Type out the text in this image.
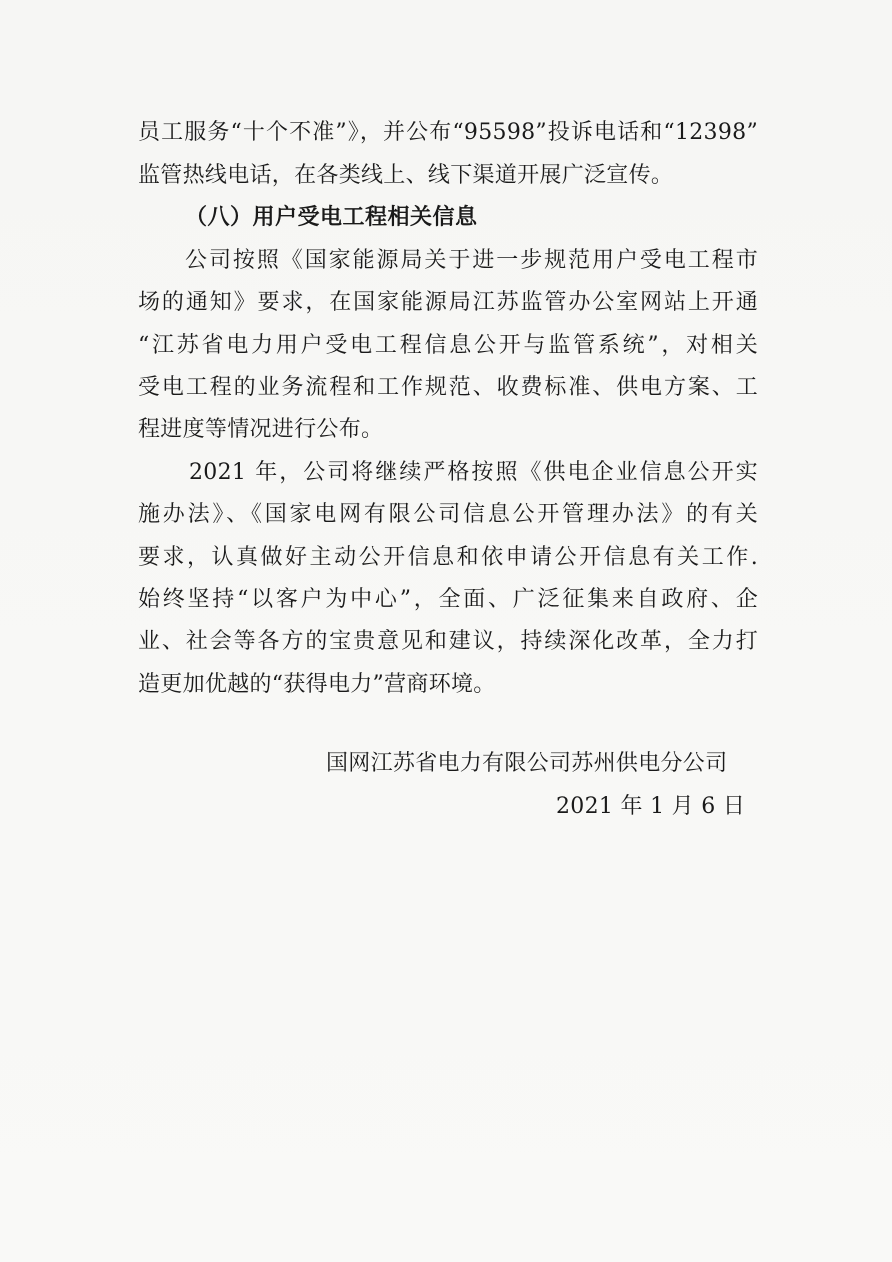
员工服务“十个不准”》，并公布“95598”投诉电话和“12398”
监管热线电话，在各类线上、线下渠道开展广泛宣传。
（八）用户受电工程相关信息
公司按照《国家能源局关于进一步规范用户受电工程市
场的通知》要求，在国家能源局江苏监管办公室网站上开通
“江苏省电力用户受电工程信息公开与监管系统”，对相关
受电工程的业务流程和工作规范、收费标准、供电方案、工
程进度等情况进行公布。
2021 年，公司将继续严格按照《供电企业信息公开实
施办法》、《国家电网有限公司信息公开管理办法》的有关
要求，认真做好主动公开信息和依申请公开信息有关工作.
始终坚持“以客户为中心”，全面、广泛征集来自政府、企
业、社会等各方的宝贵意见和建议，持续深化改革，全力打
造更加优越的“获得电力”营商环境。
国网江苏省电力有限公司苏州供电分公司
2021 年 1 月 6 日
